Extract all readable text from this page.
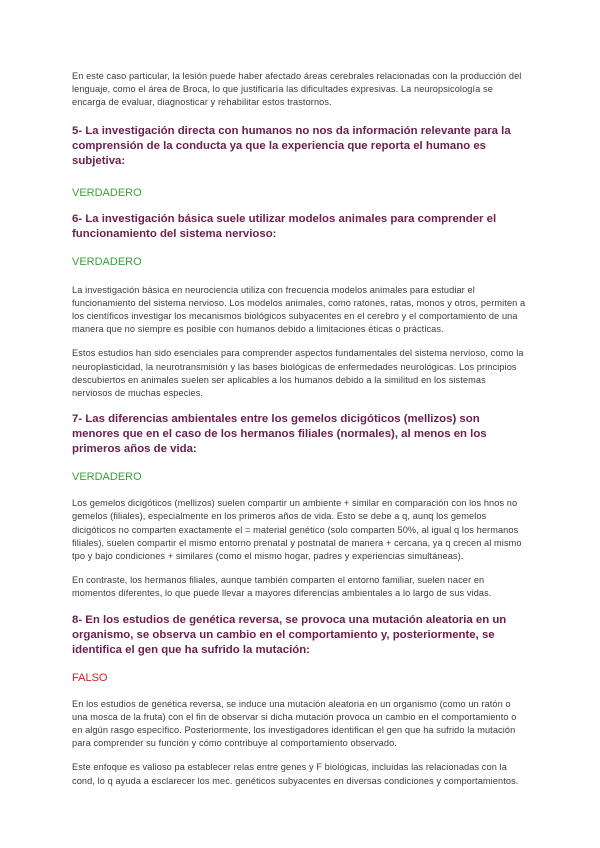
En este caso particular, la lesión puede haber afectado áreas cerebrales relacionadas con la producción del lenguaje, como el área de Broca, lo que justificaría las dificultades expresivas. La neuropsicología se encarga de evaluar, diagnosticar y rehabilitar estos trastornos.

5- La investigación directa con humanos no nos da información relevante para la comprensión de la conducta ya que la experiencia que reporta el humano es subjetiva:

VERDADERO

6- La investigación básica suele utilizar modelos animales para comprender el funcionamiento del sistema nervioso:

VERDADERO

La investigación básica en neurociencia utiliza con frecuencia modelos animales para estudiar el funcionamiento del sistema nervioso. Los modelos animales, como ratones, ratas, monos y otros, permiten a los científicos investigar los mecanismos biológicos subyacentes en el cerebro y el comportamiento de una manera que no siempre es posible con humanos debido a limitaciones éticas o prácticas.

Estos estudios han sido esenciales para comprender aspectos fundamentales del sistema nervioso, como la neuroplasticidad, la neurotransmisión y las bases biológicas de enfermedades neurológicas. Los principios descubiertos en animales suelen ser aplicables a los humanos debido a la similitud en los sistemas nerviosos de muchas especies.

7- Las diferencias ambientales entre los gemelos dicigóticos (mellizos) son menores que en el caso de los hermanos filiales (normales), al menos en los primeros años de vida:

VERDADERO

Los gemelos dicigóticos (mellizos) suelen compartir un ambiente + similar en comparación con los hnos no gemelos (filiales), especialmente en los primeros años de vida. Esto se debe a q, aunq los gemelos dicigóticos no comparten exactamente el = material genético (solo comparten 50%, al igual q los hermanos filiales), suelen compartir el mismo entorno prenatal y postnatal de manera + cercana, ya q crecen al mismo tpo y bajo condiciones + similares (como el mismo hogar, padres y experiencias simultáneas).

En contraste, los hermanos filiales, aunque también comparten el entorno familiar, suelen nacer en momentos diferentes, lo que puede llevar a mayores diferencias ambientales a lo largo de sus vidas.

8- En los estudios de genética reversa, se provoca una mutación aleatoria en un organismo, se observa un cambio en el comportamiento y, posteriormente, se identifica el gen que ha sufrido la mutación:

FALSO

En los estudios de genética reversa, se induce una mutación aleatoria en un organismo (como un ratón o una mosca de la fruta) con el fin de observar si dicha mutación provoca un cambio en el comportamiento o en algún rasgo específico. Posteriormente, los investigadores identifican el gen que ha sufrido la mutación para comprender su función y cómo contribuye al comportamiento observado.

Este enfoque es valioso pa establecer relas entre genes y F biológicas, incluidas las relacionadas con la cond, lo q ayuda a esclarecer los mec. genéticos subyacentes en diversas condiciones y comportamientos.
